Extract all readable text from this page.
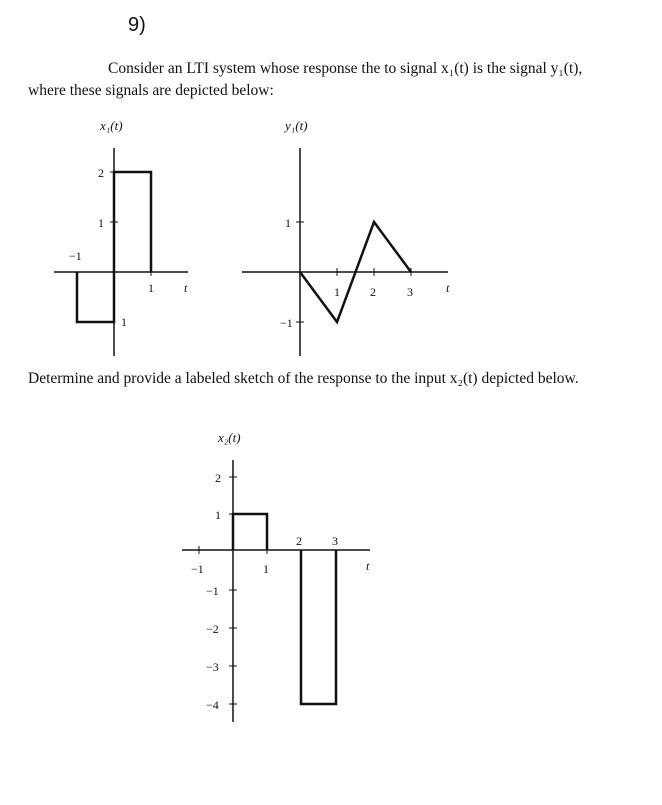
9)
Consider an LTI system whose response the to signal x₁(t) is the signal y₁(t),
where these signals are depicted below:
Determine and provide a labeled sketch of the response to the input x₂(t) depicted below.
x₁(t)
2
1
−1
1
1
t
y₁(t)
1
−1
1	2	3	t
x₂(t)
2
1
−1
−2
−3
−4
−1	1
2	3
t
